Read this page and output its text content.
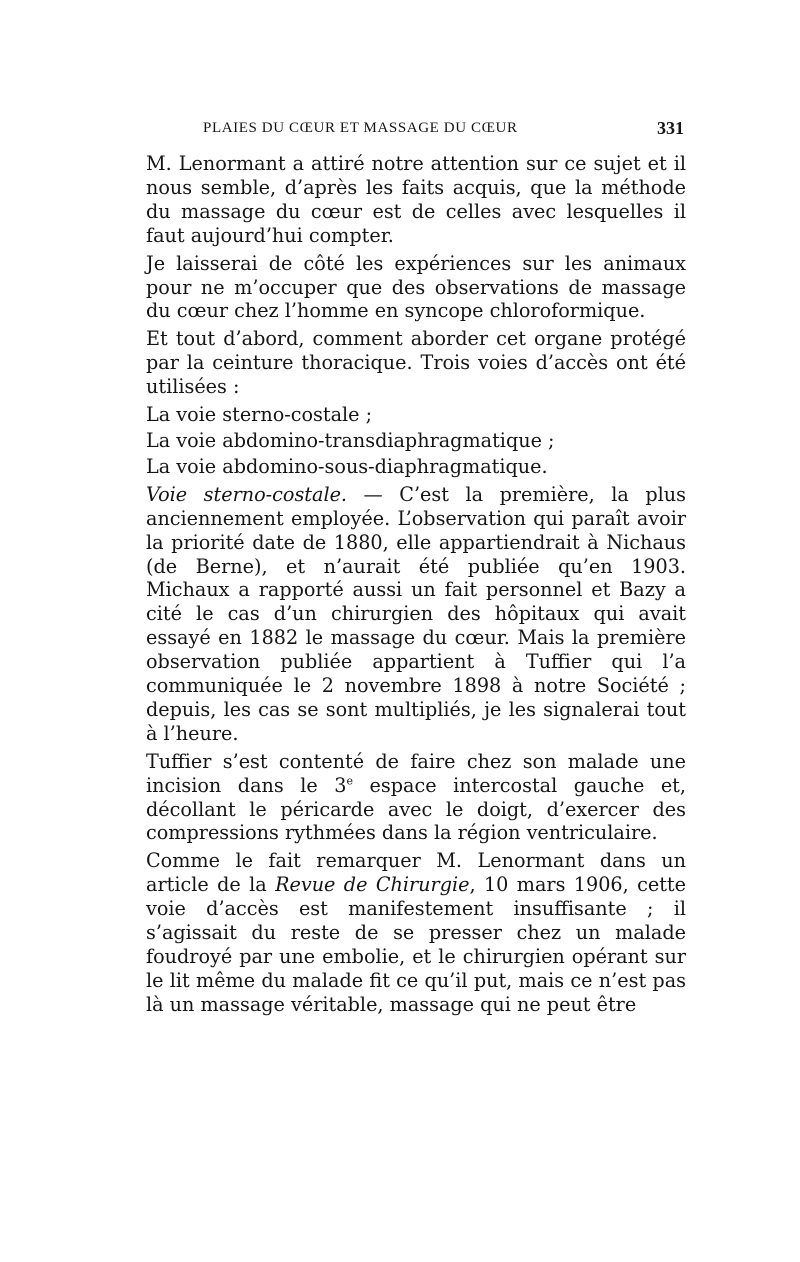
PLAIES DU CŒUR ET MASSAGE DU CŒUR	331

M. Lenormant a attiré notre attention sur ce sujet et il nous semble, d’après les faits acquis, que la méthode du massage du cœur est de celles avec lesquelles il faut aujourd’hui compter.

Je laisserai de côté les expériences sur les animaux pour ne m’occuper que des observations de massage du cœur chez l’homme en syncope chloroformique.

Et tout d’abord, comment aborder cet organe protégé par la ceinture thoracique. Trois voies d’accès ont été utilisées :

La voie sterno-costale ;

La voie abdomino-transdiaphragmatique ;

La voie abdomino-sous-diaphragmatique.

Voie sterno-costale. — C’est la première, la plus anciennement employée. L’observation qui paraît avoir la priorité date de 1880, elle appartiendrait à Nichaus (de Berne), et n’aurait été publiée qu’en 1903. Michaux a rapporté aussi un fait personnel et Bazy a cité le cas d’un chirurgien des hôpitaux qui avait essayé en 1882 le massage du cœur. Mais la première observation publiée appartient à Tuffier qui l’a communiquée le 2 novembre 1898 à notre Société ; depuis, les cas se sont multipliés, je les signalerai tout à l’heure.

Tuffier s’est contenté de faire chez son malade une incision dans le 3e espace intercostal gauche et, décollant le péricarde avec le doigt, d’exercer des compressions rythmées dans la région ventriculaire.

Comme le fait remarquer M. Lenormant dans un article de la Revue de Chirurgie, 10 mars 1906, cette voie d’accès est manifestement insuffisante ; il s’agissait du reste de se presser chez un malade foudroyé par une embolie, et le chirurgien opérant sur le lit même du malade fit ce qu’il put, mais ce n’est pas là un massage véritable, massage qui ne peut être
